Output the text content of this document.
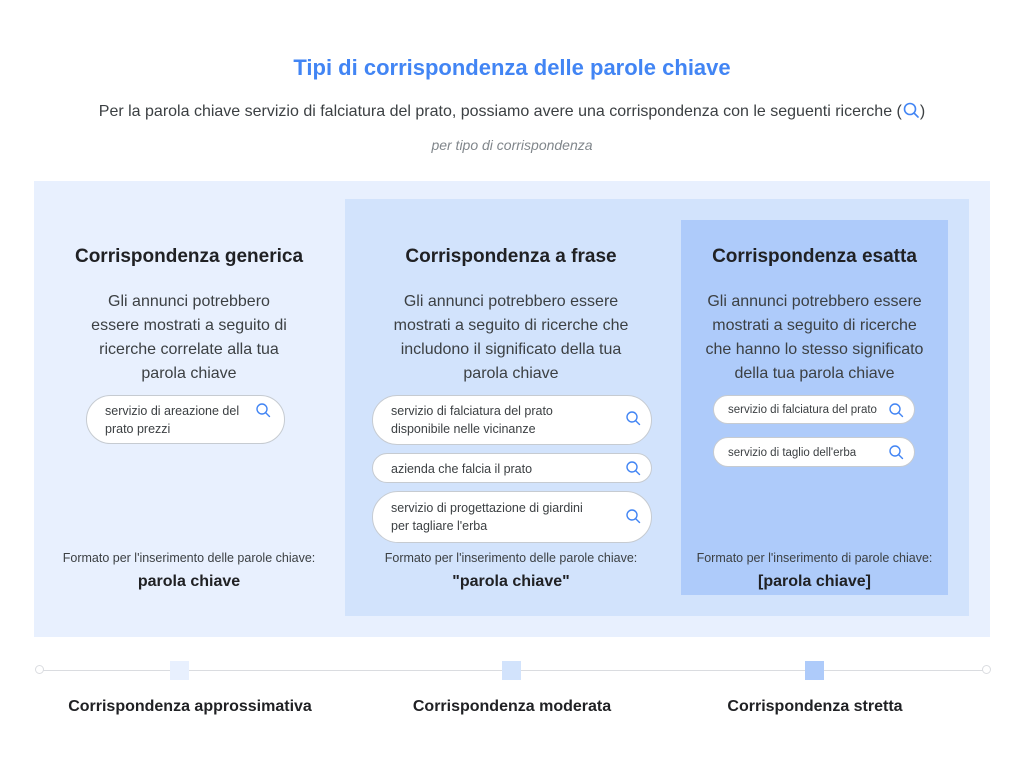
Tipi di corrispondenza delle parole chiave
Per la parola chiave servizio di falciatura del prato, possiamo avere una corrispondenza con le seguenti ricerche ( )
per tipo di corrispondenza
Corrispondenza generica
Gli annunci potrebbero
essere mostrati a seguito di
ricerche correlate alla tua
parola chiave
servizio di areazione del
prato prezzi
Formato per l'inserimento delle parole chiave:
parola chiave
Corrispondenza a frase
Gli annunci potrebbero essere
mostrati a seguito di ricerche che
includono il significato della tua
parola chiave
servizio di falciatura del prato
disponibile nelle vicinanze
azienda che falcia il prato
servizio di progettazione di giardini
per tagliare l'erba
Formato per l'inserimento delle parole chiave:
"parola chiave"
Corrispondenza esatta
Gli annunci potrebbero essere
mostrati a seguito di ricerche
che hanno lo stesso significato
della tua parola chiave
servizio di falciatura del prato
servizio di taglio dell'erba
Formato per l'inserimento di parole chiave:
[parola chiave]
Corrispondenza approssimativa	Corrispondenza moderata	Corrispondenza stretta
